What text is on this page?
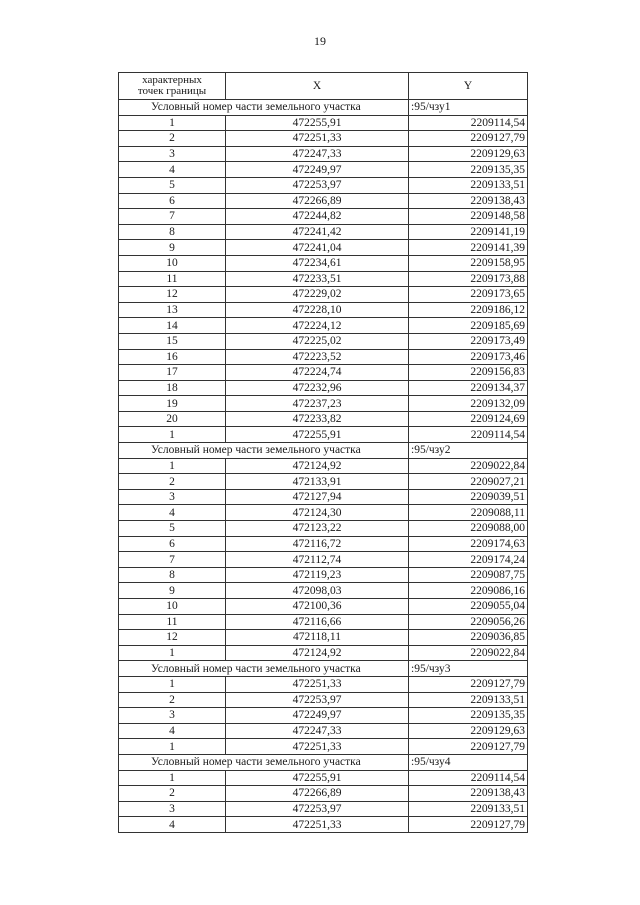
19
характерных
точек границы	X	Y
Условный номер части земельного участка		:95/чзу1
1	472255,91	2209114,54
2	472251,33	2209127,79
3	472247,33	2209129,63
4	472249,97	2209135,35
5	472253,97	2209133,51
6	472266,89	2209138,43
7	472244,82	2209148,58
8	472241,42	2209141,19
9	472241,04	2209141,39
10	472234,61	2209158,95
11	472233,51	2209173,88
12	472229,02	2209173,65
13	472228,10	2209186,12
14	472224,12	2209185,69
15	472225,02	2209173,49
16	472223,52	2209173,46
17	472224,74	2209156,83
18	472232,96	2209134,37
19	472237,23	2209132,09
20	472233,82	2209124,69
1	472255,91	2209114,54
Условный номер части земельного участка		:95/чзу2
1	472124,92	2209022,84
2	472133,91	2209027,21
3	472127,94	2209039,51
4	472124,30	2209088,11
5	472123,22	2209088,00
6	472116,72	2209174,63
7	472112,74	2209174,24
8	472119,23	2209087,75
9	472098,03	2209086,16
10	472100,36	2209055,04
11	472116,66	2209056,26
12	472118,11	2209036,85
1	472124,92	2209022,84
Условный номер части земельного участка		:95/чзу3
1	472251,33	2209127,79
2	472253,97	2209133,51
3	472249,97	2209135,35
4	472247,33	2209129,63
1	472251,33	2209127,79
Условный номер части земельного участка		:95/чзу4
1	472255,91	2209114,54
2	472266,89	2209138,43
3	472253,97	2209133,51
4	472251,33	2209127,79
